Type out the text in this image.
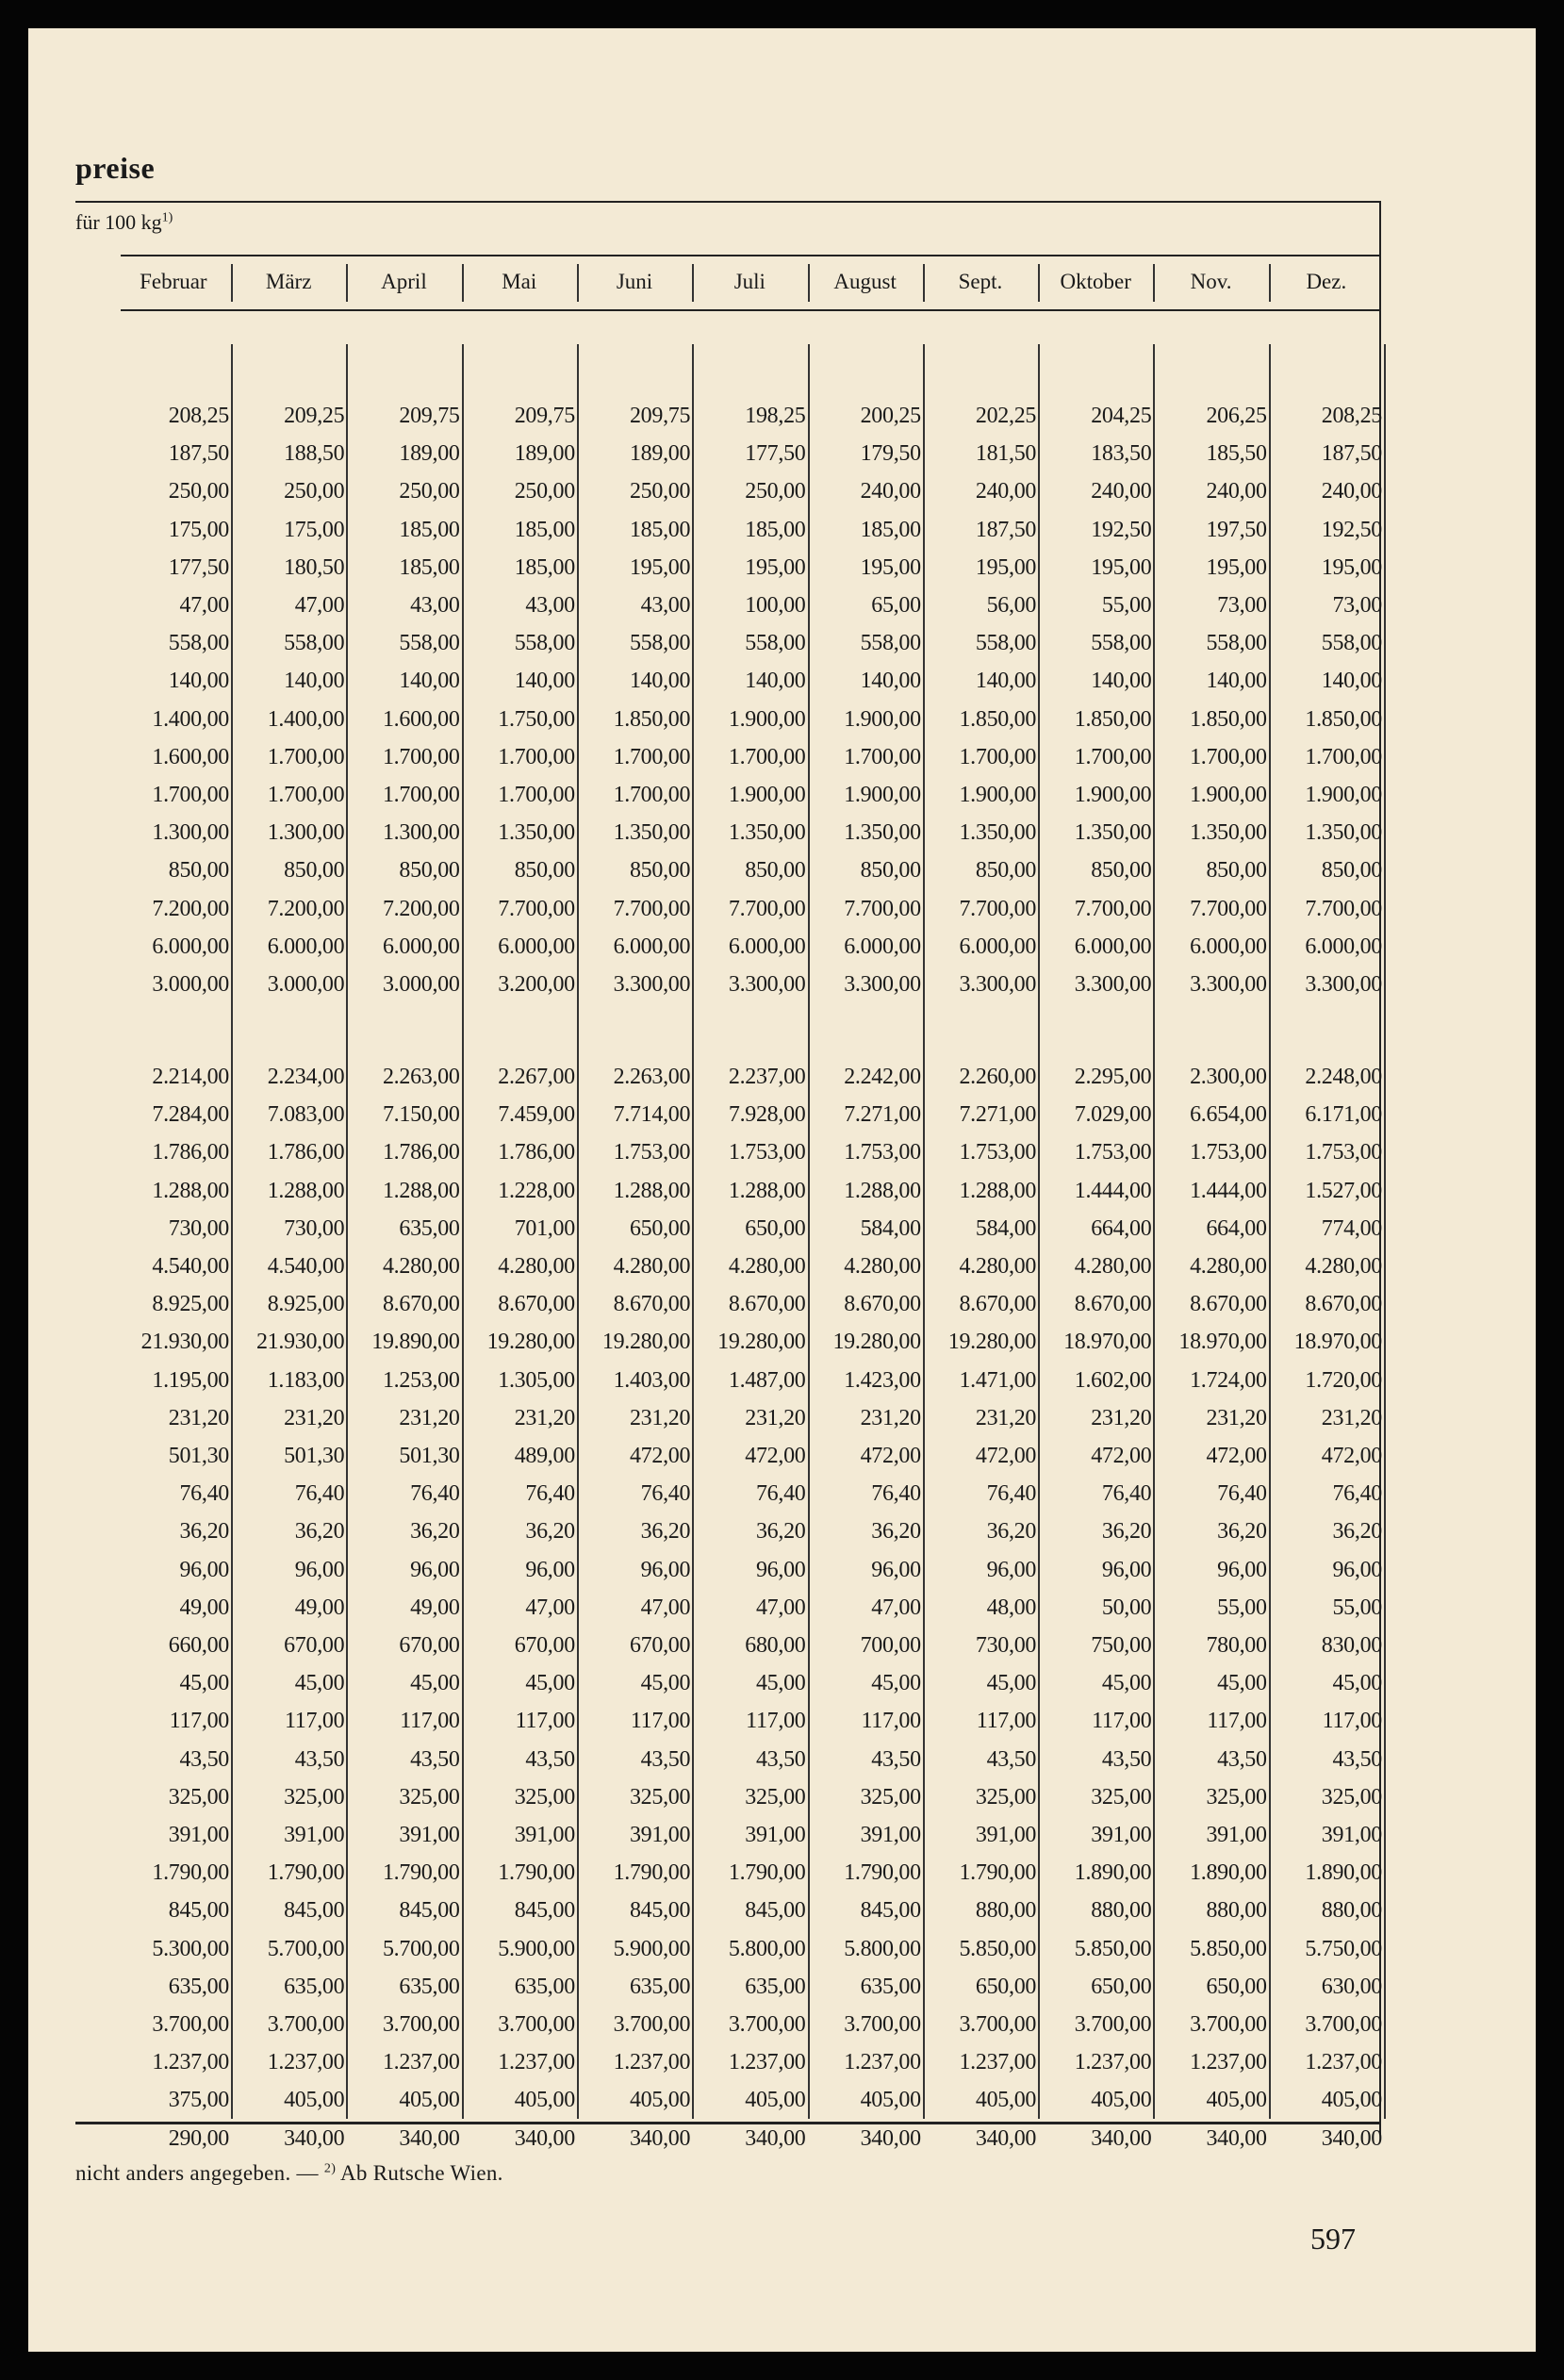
preise
für 100 $kg^{1)}$
Februar	März	April	Mai	Juni	Juli	August	Sept.	Oktober	Nov.	Dez.
208,25	209,25	209,75	209,75	209,75	198,25	200,25	202,25	204,25	206,25	208,25
187,50	188,50	189,00	189,00	189,00	177,50	179,50	181,50	183,50	185,50	187,50
250,00	250,00	250,00	250,00	250,00	250,00	240,00	240,00	240,00	240,00	240,00
175,00	175,00	185,00	185,00	185,00	185,00	185,00	187,50	192,50	197,50	192,50
177,50	180,50	185,00	185,00	195,00	195,00	195,00	195,00	195,00	195,00	195,00
47,00	47,00	43,00	43,00	43,00	100,00	65,00	56,00	55,00	73,00	73,00
558,00	558,00	558,00	558,00	558,00	558,00	558,00	558,00	558,00	558,00	558,00
140,00	140,00	140,00	140,00	140,00	140,00	140,00	140,00	140,00	140,00	140,00
1.400,00	1.400,00	1.600,00	1.750,00	1.850,00	1.900,00	1.900,00	1.850,00	1.850,00	1.850,00	1.850,00
1.600,00	1.700,00	1.700,00	1.700,00	1.700,00	1.700,00	1.700,00	1.700,00	1.700,00	1.700,00	1.700,00
1.700,00	1.700,00	1.700,00	1.700,00	1.700,00	1.900,00	1.900,00	1.900,00	1.900,00	1.900,00	1.900,00
1.300,00	1.300,00	1.300,00	1.350,00	1.350,00	1.350,00	1.350,00	1.350,00	1.350,00	1.350,00	1.350,00
850,00	850,00	850,00	850,00	850,00	850,00	850,00	850,00	850,00	850,00	850,00
7.200,00	7.200,00	7.200,00	7.700,00	7.700,00	7.700,00	7.700,00	7.700,00	7.700,00	7.700,00	7.700,00
6.000,00	6.000,00	6.000,00	6.000,00	6.000,00	6.000,00	6.000,00	6.000,00	6.000,00	6.000,00	6.000,00
3.000,00	3.000,00	3.000,00	3.200,00	3.300,00	3.300,00	3.300,00	3.300,00	3.300,00	3.300,00	3.300,00
2.214,00	2.234,00	2.263,00	2.267,00	2.263,00	2.237,00	2.242,00	2.260,00	2.295,00	2.300,00	2.248,00
7.284,00	7.083,00	7.150,00	7.459,00	7.714,00	7.928,00	7.271,00	7.271,00	7.029,00	6.654,00	6.171,00
1.786,00	1.786,00	1.786,00	1.786,00	1.753,00	1.753,00	1.753,00	1.753,00	1.753,00	1.753,00	1.753,00
1.288,00	1.288,00	1.288,00	1.228,00	1.288,00	1.288,00	1.288,00	1.288,00	1.444,00	1.444,00	1.527,00
730,00	730,00	635,00	701,00	650,00	650,00	584,00	584,00	664,00	664,00	774,00
4.540,00	4.540,00	4.280,00	4.280,00	4.280,00	4.280,00	4.280,00	4.280,00	4.280,00	4.280,00	4.280,00
8.925,00	8.925,00	8.670,00	8.670,00	8.670,00	8.670,00	8.670,00	8.670,00	8.670,00	8.670,00	8.670,00
21.930,00	21.930,00	19.890,00	19.280,00	19.280,00	19.280,00	19.280,00	19.280,00	18.970,00	18.970,00	18.970,00
1.195,00	1.183,00	1.253,00	1.305,00	1.403,00	1.487,00	1.423,00	1.471,00	1.602,00	1.724,00	1.720,00
231,20	231,20	231,20	231,20	231,20	231,20	231,20	231,20	231,20	231,20	231,20
501,30	501,30	501,30	489,00	472,00	472,00	472,00	472,00	472,00	472,00	472,00
76,40	76,40	76,40	76,40	76,40	76,40	76,40	76,40	76,40	76,40	76,40
36,20	36,20	36,20	36,20	36,20	36,20	36,20	36,20	36,20	36,20	36,20
96,00	96,00	96,00	96,00	96,00	96,00	96,00	96,00	96,00	96,00	96,00
49,00	49,00	49,00	47,00	47,00	47,00	47,00	48,00	50,00	55,00	55,00
660,00	670,00	670,00	670,00	670,00	680,00	700,00	730,00	750,00	780,00	830,00
45,00	45,00	45,00	45,00	45,00	45,00	45,00	45,00	45,00	45,00	45,00
117,00	117,00	117,00	117,00	117,00	117,00	117,00	117,00	117,00	117,00	117,00
43,50	43,50	43,50	43,50	43,50	43,50	43,50	43,50	43,50	43,50	43,50
325,00	325,00	325,00	325,00	325,00	325,00	325,00	325,00	325,00	325,00	325,00
391,00	391,00	391,00	391,00	391,00	391,00	391,00	391,00	391,00	391,00	391,00
1.790,00	1.790,00	1.790,00	1.790,00	1.790,00	1.790,00	1.790,00	1.790,00	1.890,00	1.890,00	1.890,00
845,00	845,00	845,00	845,00	845,00	845,00	845,00	880,00	880,00	880,00	880,00
5.300,00	5.700,00	5.700,00	5.900,00	5.900,00	5.800,00	5.800,00	5.850,00	5.850,00	5.850,00	5.750,00
635,00	635,00	635,00	635,00	635,00	635,00	635,00	650,00	650,00	650,00	630,00
3.700,00	3.700,00	3.700,00	3.700,00	3.700,00	3.700,00	3.700,00	3.700,00	3.700,00	3.700,00	3.700,00
1.237,00	1.237,00	1.237,00	1.237,00	1.237,00	1.237,00	1.237,00	1.237,00	1.237,00	1.237,00	1.237,00
375,00	405,00	405,00	405,00	405,00	405,00	405,00	405,00	405,00	405,00	405,00
290,00	340,00	340,00	340,00	340,00	340,00	340,00	340,00	340,00	340,00	340,00
nicht anders angegeben. — $^{2)}$ Ab Rutsche Wien.
597
